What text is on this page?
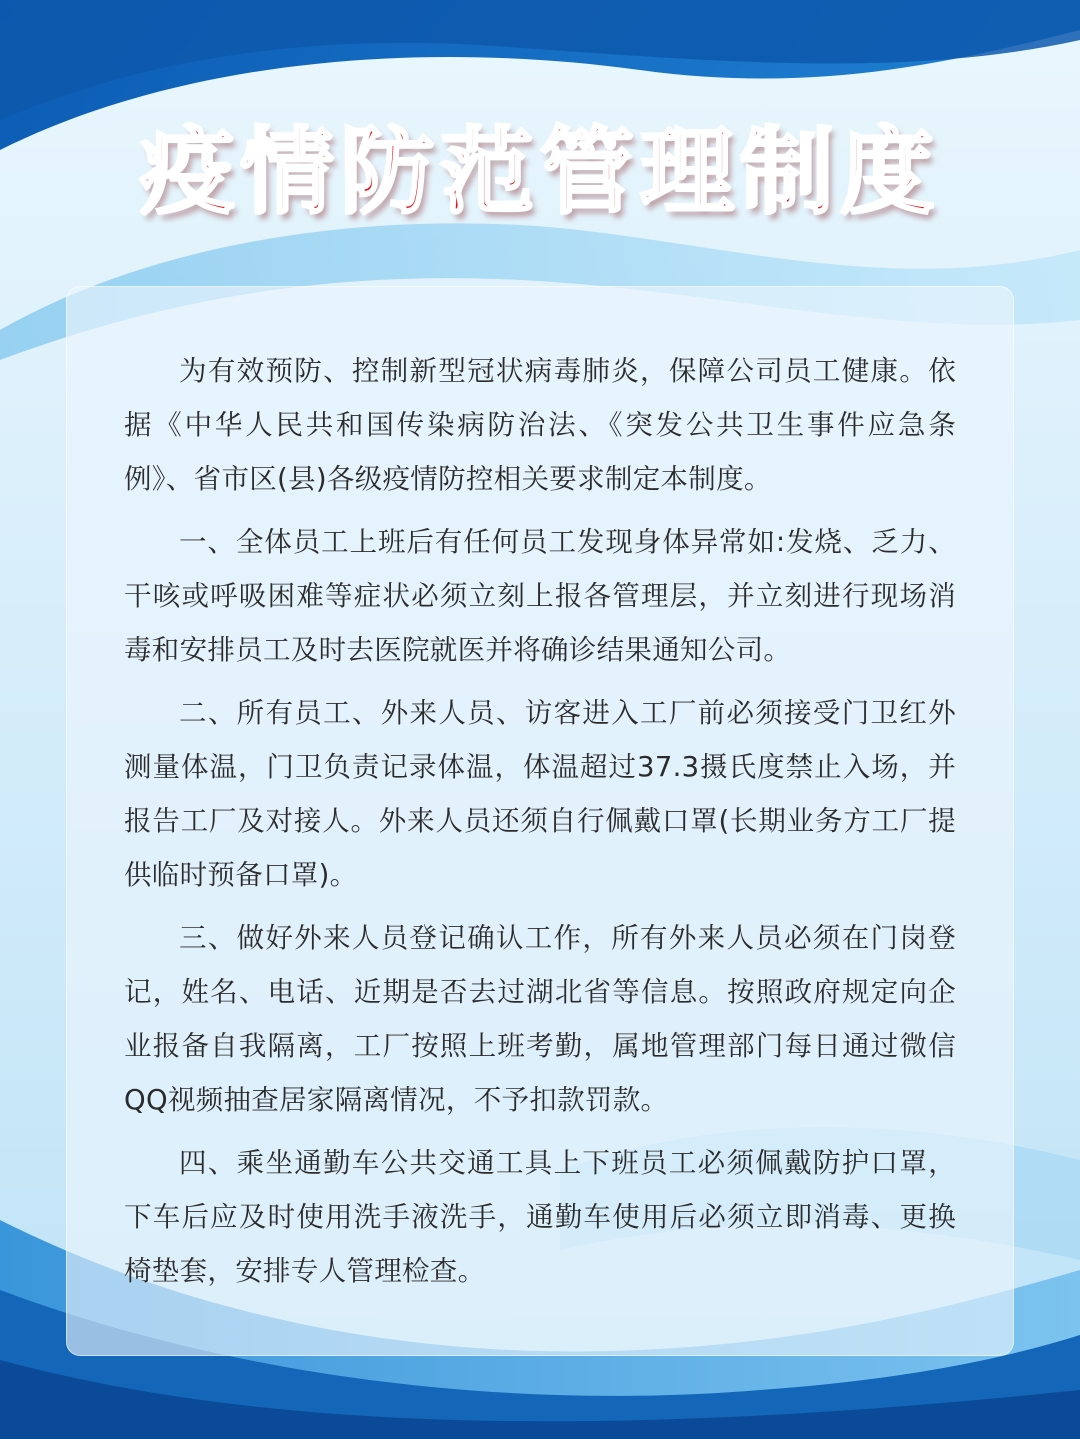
疫情防范管理制度

为有效预防、控制新型冠状病毒肺炎，保障公司员工健康。依据《中华人民共和国传染病防治法、《突发公共卫生事件应急条例》、省市区(县)各级疫情防控相关要求制定本制度。

一、全体员工上班后有任何员工发现身体异常如:发烧、乏力、干咳或呼吸困难等症状必须立刻上报各管理层，并立刻进行现场消毒和安排员工及时去医院就医并将确诊结果通知公司。

二、所有员工、外来人员、访客进入工厂前必须接受门卫红外测量体温，门卫负责记录体温，体温超过37.3摄氏度禁止入场，并报告工厂及对接人。外来人员还须自行佩戴口罩(长期业务方工厂提供临时预备口罩)。

三、做好外来人员登记确认工作，所有外来人员必须在门岗登记，姓名、电话、近期是否去过湖北省等信息。按照政府规定向企业报备自我隔离，工厂按照上班考勤，属地管理部门每日通过微信QQ视频抽查居家隔离情况，不予扣款罚款。

四、乘坐通勤车公共交通工具上下班员工必须佩戴防护口罩，下车后应及时使用洗手液洗手，通勤车使用后必须立即消毒、更换椅垫套，安排专人管理检查。
